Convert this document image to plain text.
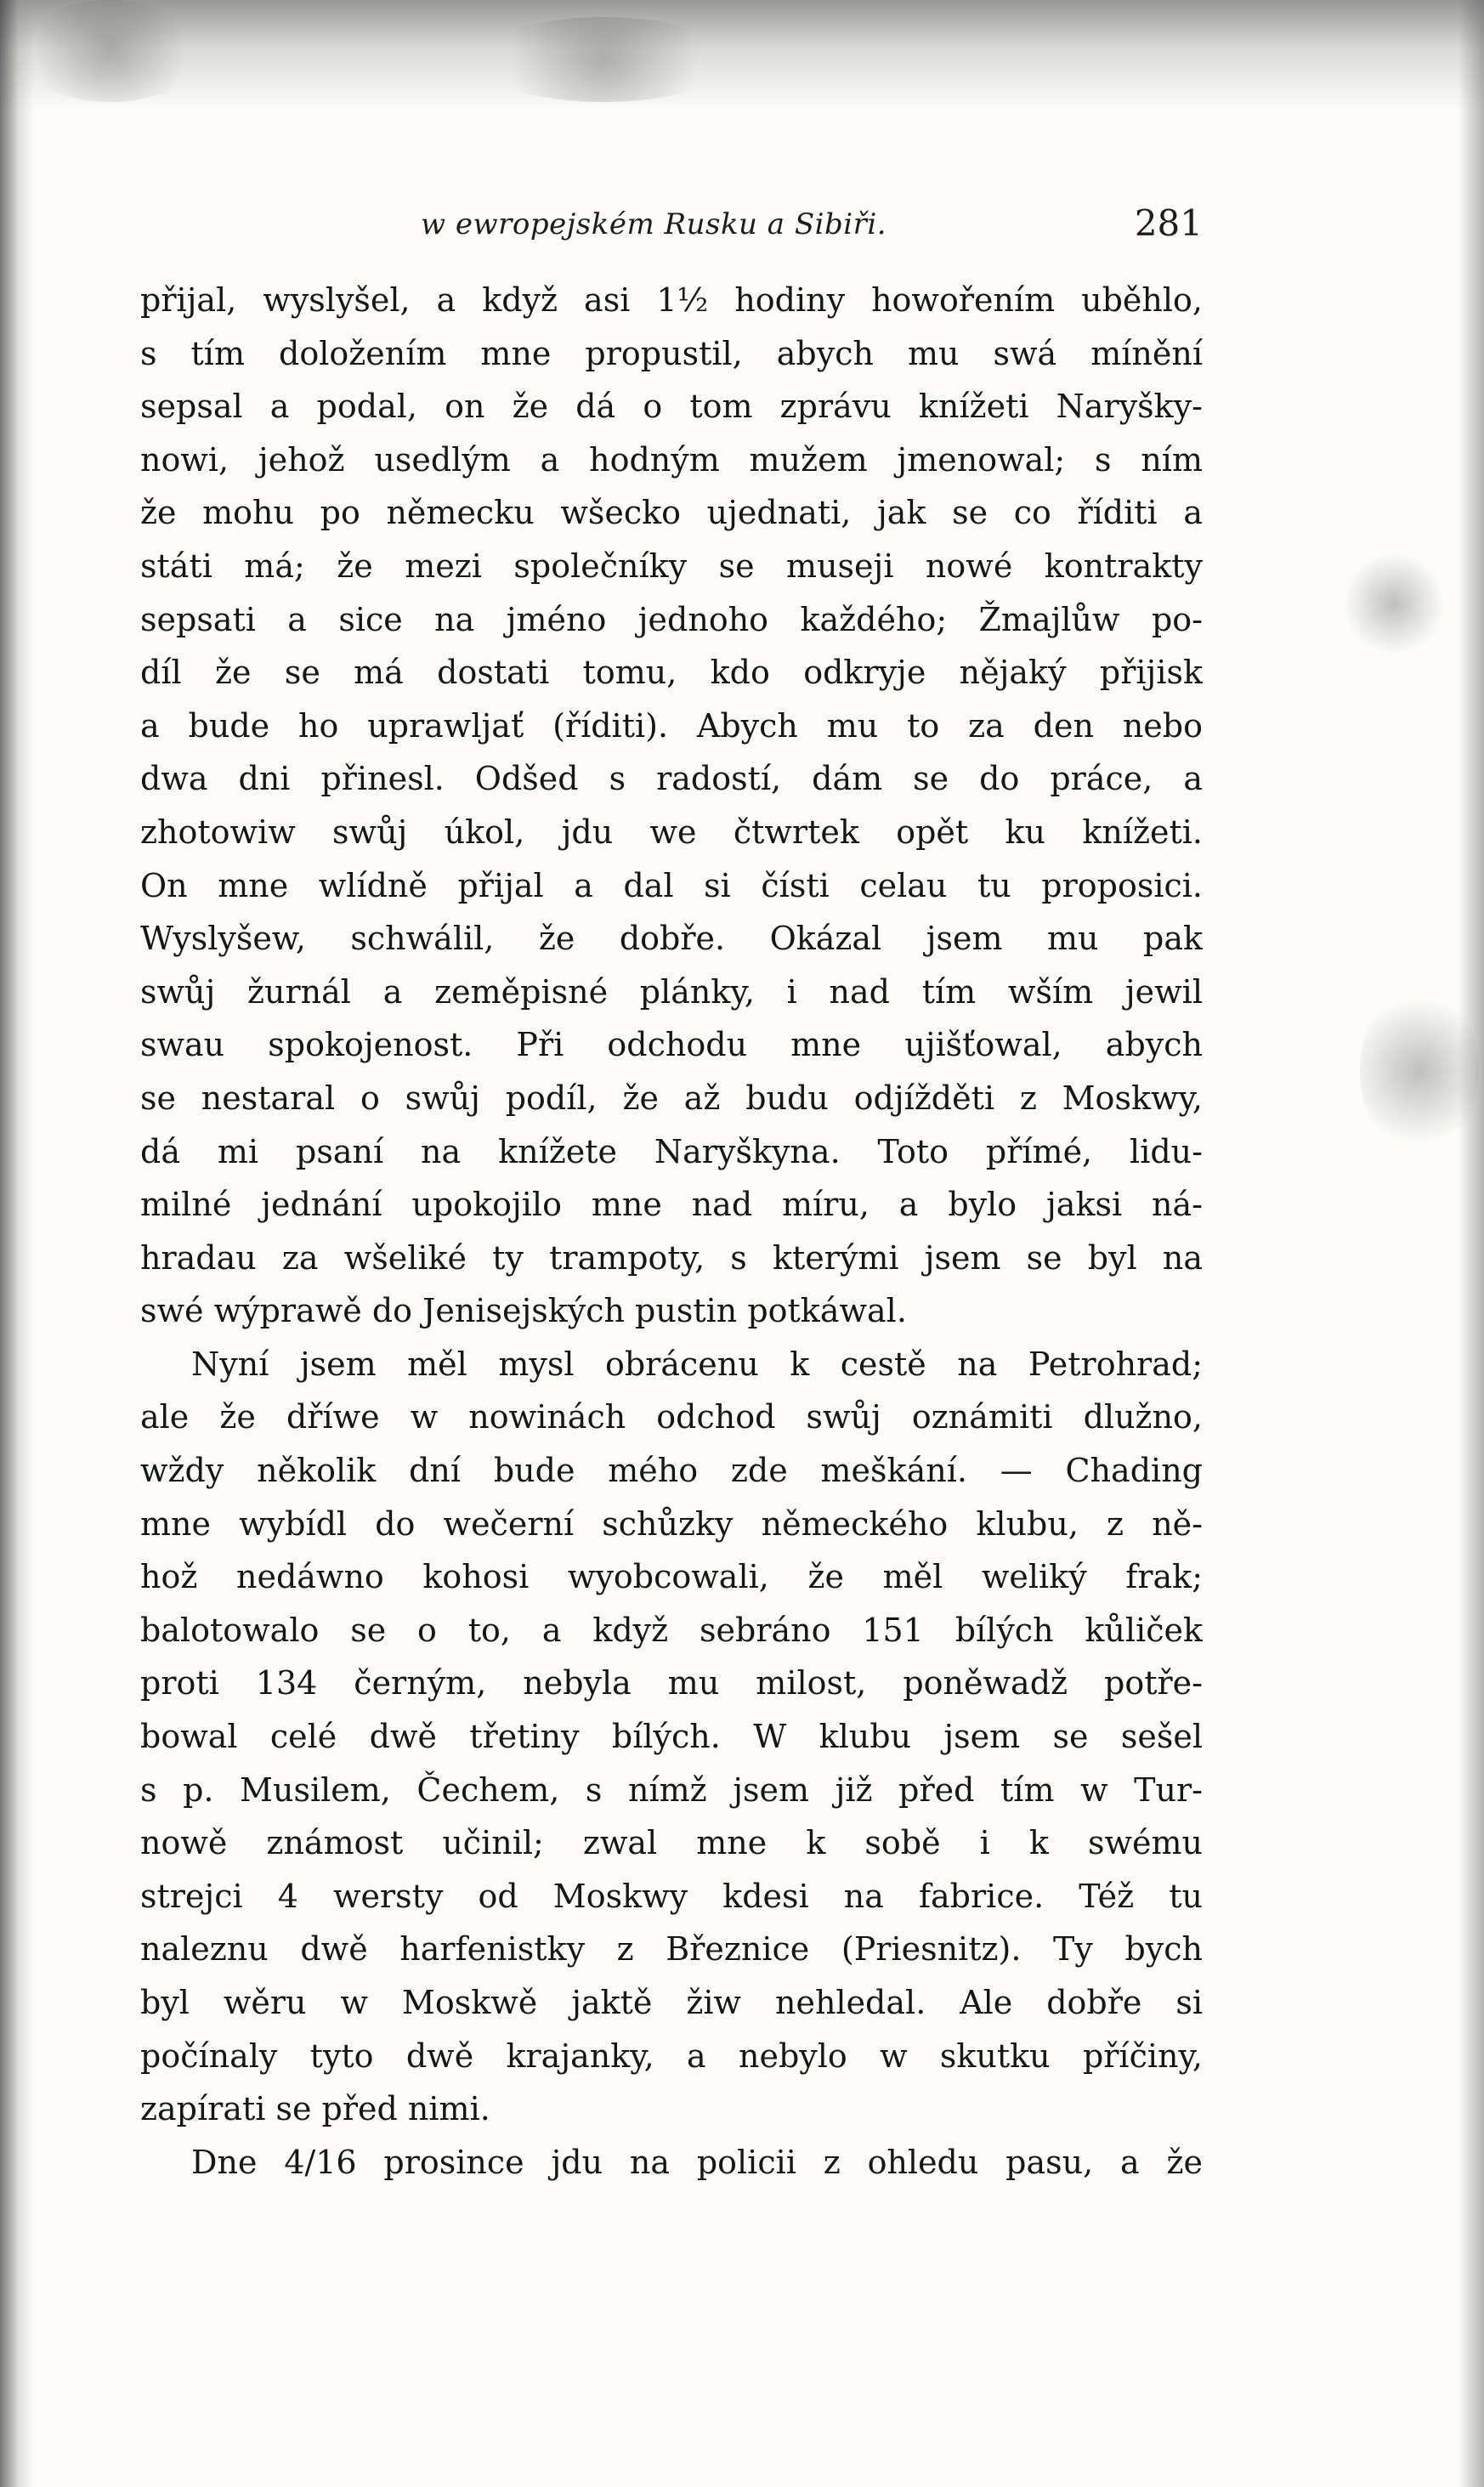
w ewropejském Rusku a Sibiři.	281
přijal, wyslyšel, a když asi 1½ hodiny howořením uběhlo,
s tím doložením mne propustil, abych mu swá mínění
sepsal a podal, on že dá o tom zprávu knížeti Naryšky-
nowi, jehož usedlým a hodným mužem jmenowal; s ním
že mohu po německu wšecko ujednati, jak se co říditi a
státi má; že mezi společníky se museji nowé kontrakty
sepsati a sice na jméno jednoho každého; Žmajlůw po-
díl že se má dostati tomu, kdo odkryje nějaký přijisk
a bude ho uprawljať (říditi). Abych mu to za den nebo
dwa dni přinesl. Odšed s radostí, dám se do práce, a
zhotowiw swůj úkol, jdu we čtwrtek opět ku knížeti.
On mne wlídně přijal a dal si čísti celau tu proposici.
Wyslyšew, schwálil, že dobře. Okázal jsem mu pak
swůj žurnál a zeměpisné plánky, i nad tím wším jewil
swau spokojenost. Při odchodu mne ujišťowal, abych
se nestaral o swůj podíl, že až budu odjížděti z Moskwy,
dá mi psaní na knížete Naryškyna. Toto přímé, lidu-
milné jednání upokojilo mne nad míru, a bylo jaksi ná-
hradau za wšeliké ty trampoty, s kterými jsem se byl na
swé wýprawě do Jenisejských pustin potkáwal.
Nyní jsem měl mysl obrácenu k cestě na Petrohrad;
ale že dříwe w nowinách odchod swůj oznámiti dlužno,
wždy několik dní bude mého zde meškání. — Chading
mne wybídl do wečerní schůzky německého klubu, z ně-
hož nedáwno kohosi wyobcowali, že měl weliký frak;
balotowalo se o to, a když sebráno 151 bílých kůliček
proti 134 černým, nebyla mu milost, poněwadž potře-
bowal celé dwě třetiny bílých. W klubu jsem se sešel
s p. Musilem, Čechem, s nímž jsem již před tím w Tur-
nowě známost učinil; zwal mne k sobě i k swému
strejci 4 wersty od Moskwy kdesi na fabrice. Též tu
naleznu dwě harfenistky z Březnice (Priesnitz). Ty bych
byl wěru w Moskwě jaktě žiw nehledal. Ale dobře si
počínaly tyto dwě krajanky, a nebylo w skutku příčiny,
zapírati se před nimi.
Dne 4/16 prosince jdu na policii z ohledu pasu, a že
